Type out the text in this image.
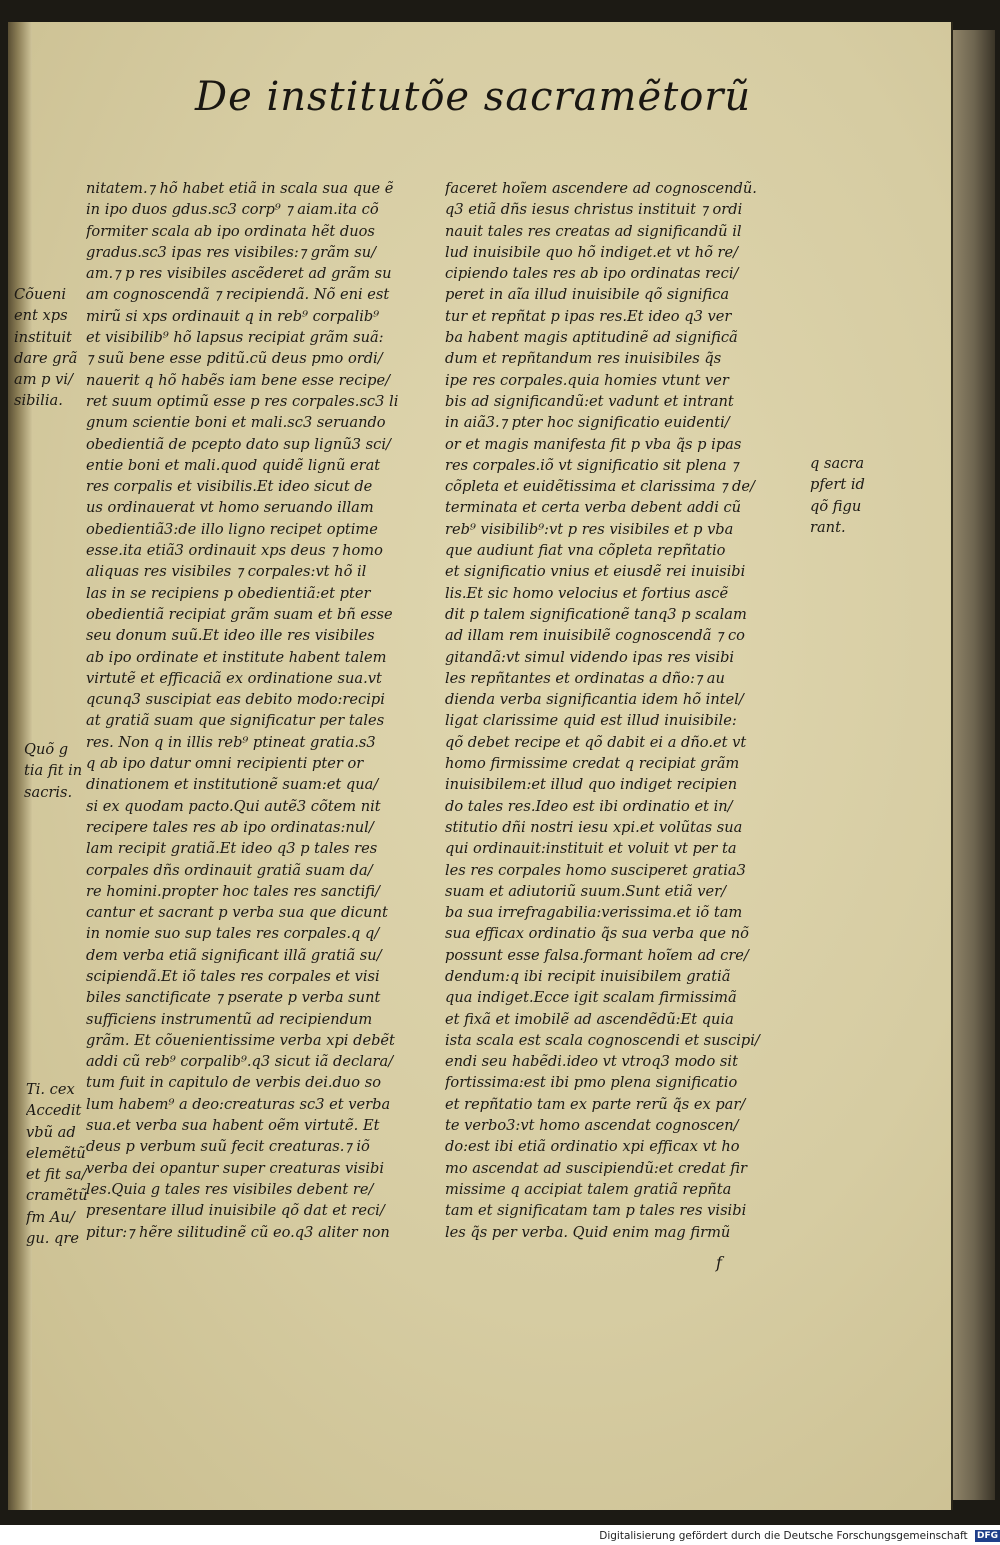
De institutõe sacramẽtorũ
nitatem.⁊ hõ habet etiã in scala sua que ẽ
in ipo duos gdus.sc3 corp⁹ ⁊ aiam.ita cõ
formiter scala ab ipo ordinata hẽt duos
gradus.sc3 ipas res visibiles:⁊ grãm su/
am.⁊ p res visibiles ascẽderet ad grãm su
am cognoscendã ⁊ recipiendã. Nõ eni est
mirũ si xps ordinauit q in reb⁹ corpalib⁹
et visibilib⁹ hõ lapsus recipiat grãm suã:
⁊ suũ bene esse pditũ.cũ deus pmo ordi/
nauerit q hõ habẽs iam bene esse recipe/
ret suum optimũ esse p res corpales.sc3 li
gnum scientie boni et mali.sc3 seruando
obedientiã de pcepto dato sup lignũ3 sci/
entie boni et mali.quod quidẽ lignũ erat
res corpalis et visibilis.Et ideo sicut de
us ordinauerat vt homo seruando illam
obedientiã3:de illo ligno recipet optime
esse.ita etiã3 ordinauit xps deus ⁊ homo
aliquas res visibiles ⁊ corpales:vt hõ il
las in se recipiens p obedientiã:et pter
obedientiã recipiat grãm suam et bñ esse
seu donum suũ.Et ideo ille res visibiles
ab ipo ordinate et institute habent talem
virtutẽ et efficaciã ex ordinatione sua.vt
qcunq3 suscipiat eas debito modo:recipi
at gratiã suam que significatur per tales
res. Non q in illis reb⁹ ptineat gratia.s3
q ab ipo datur omni recipienti pter or
dinationem et institutionẽ suam:et qua/
si ex quodam pacto.Qui autẽ3 cõtem nit
recipere tales res ab ipo ordinatas:nul/
lam recipit gratiã.Et ideo q3 p tales res
corpales dñs ordinauit gratiã suam da/
re homini.propter hoc tales res sanctifi/
cantur et sacrant p verba sua que dicunt
in nomie suo sup tales res corpales.q q/
dem verba etiã significant illã gratiã su/
scipiendã.Et iõ tales res corpales et visi
biles sanctificate ⁊ pserate p verba sunt
sufficiens instrumentũ ad recipiendum
grãm. Et cõuenientissime verba xpi debẽt
addi cũ reb⁹ corpalib⁹.q3 sicut iã declara/
tum fuit in capitulo de verbis dei.duo so
lum habem⁹ a deo:creaturas sc3 et verba
sua.et verba sua habent oẽm virtutẽ. Et
deus p verbum suũ fecit creaturas.⁊ iõ
verba dei opantur super creaturas visibi
les.Quia g tales res visibiles debent re/
presentare illud inuisibile qõ dat et reci/
pitur:⁊ hẽre silitudinẽ cũ eo.q3 aliter non
faceret hoĩem ascendere ad cognoscendũ.
q3 etiã dñs iesus christus instituit ⁊ ordi
nauit tales res creatas ad significandũ il
lud inuisibile quo hõ indiget.et vt hõ re/
cipiendo tales res ab ipo ordinatas reci/
peret in aĩa illud inuisibile qõ significa
tur et repñtat p ipas res.Et ideo q3 ver
ba habent magis aptitudinẽ ad significã
dum et repñtandum res inuisibiles q̃s
ipe res corpales.quia homies vtunt ver
bis ad significandũ:et vadunt et intrant
in aiã3.⁊ pter hoc significatio euidenti/
or et magis manifesta fit p vba q̃s p ipas
res corpales.iõ vt significatio sit plena ⁊
cõpleta et euidẽtissima et clarissima ⁊ de/
terminata et certa verba debent addi cũ
reb⁹ visibilib⁹:vt p res visibiles et p vba
que audiunt fiat vna cõpleta repñtatio
et significatio vnius et eiusdẽ rei inuisibi
lis.Et sic homo velocius et fortius ascẽ
dit p talem significationẽ tanq3 p scalam
ad illam rem inuisibilẽ cognoscendã ⁊ co
gitandã:vt simul videndo ipas res visibi
les repñtantes et ordinatas a dño:⁊ au
dienda verba significantia idem hõ intel/
ligat clarissime quid est illud inuisibile:
qõ debet recipe et qõ dabit ei a dño.et vt
homo firmissime credat q recipiat grãm
inuisibilem:et illud quo indiget recipien
do tales res.Ideo est ibi ordinatio et in/
stitutio dñi nostri iesu xpi.et volũtas sua
qui ordinauit:instituit et voluit vt per ta
les res corpales homo susciperet gratia3
suam et adiutoriũ suum.Sunt etiã ver/
ba sua irrefragabilia:verissima.et iõ tam
sua efficax ordinatio q̃s sua verba que nõ
possunt esse falsa.formant hoĩem ad cre/
dendum:q ibi recipit inuisibilem gratiã
qua indiget.Ecce igit scalam firmissimã
et fixã et imobilẽ ad ascendẽdũ:Et quia
ista scala est scala cognoscendi et suscipi/
endi seu habẽdi.ideo vt vtroq3 modo sit
fortissima:est ibi pmo plena significatio
et repñtatio tam ex parte rerũ q̃s ex par/
te verbo3:vt homo ascendat cognoscen/
do:est ibi etiã ordinatio xpi efficax vt ho
mo ascendat ad suscipiendũ:et credat fir
missime q accipiat talem gratiã repñta
tam et significatam tam p tales res visibi
les q̃s per verba. Quid enim mag firmũ
Cõueni
ent xps
instituit
dare grã
am p vi/
sibilia.
Quõ g
tia fit in
sacris.
Ti. cex
Accedit
vbũ ad
elemẽtũ
et fit sa/
cramẽtũ
fm Au/
gu. qre
q sacra
pfert id
qõ figu
rant.
f
Digitalisierung gefördert durch die Deutsche Forschungsgemeinschaft DFG
